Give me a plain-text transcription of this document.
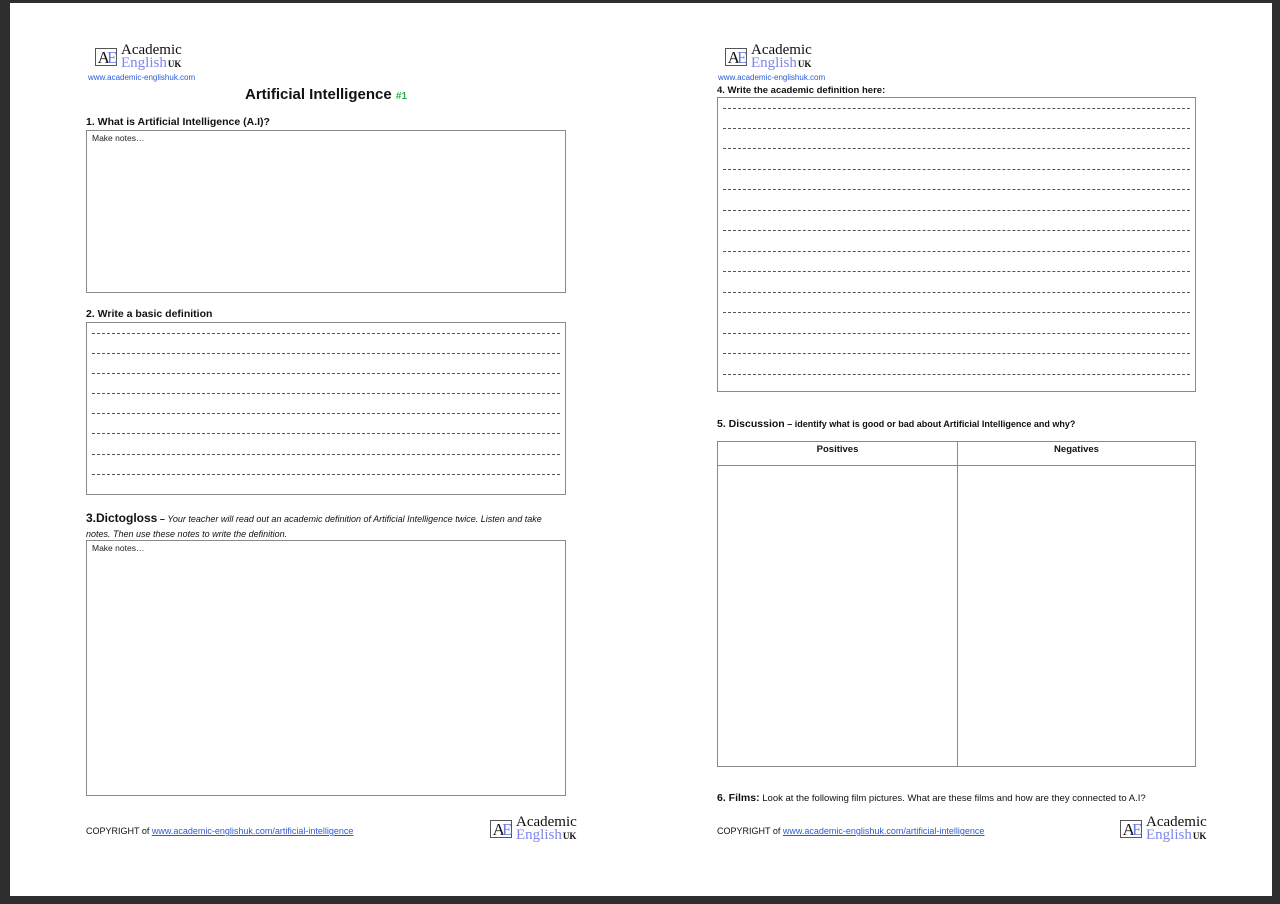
AE Academic
EnglishUK
www.academic-englishuk.com
Artificial Intelligence #1
1. What is Artificial Intelligence (A.I)?
Make notes…
2. Write a basic definition
3.Dictogloss – Your teacher will read out an academic definition of Artificial Intelligence twice. Listen and take notes. Then use these notes to write the definition.
Make notes…
COPYRIGHT of www.academic-englishuk.com/artificial-intelligence	AE Academic
EnglishUK
AE Academic
EnglishUK
www.academic-englishuk.com
4. Write the academic definition here:
5. Discussion – identify what is good or bad about Artificial Intelligence and why?
Positives	Negatives
6. Films: Look at the following film pictures. What are these films and how are they connected to A.I?
COPYRIGHT of www.academic-englishuk.com/artificial-intelligence	AE Academic
EnglishUK
